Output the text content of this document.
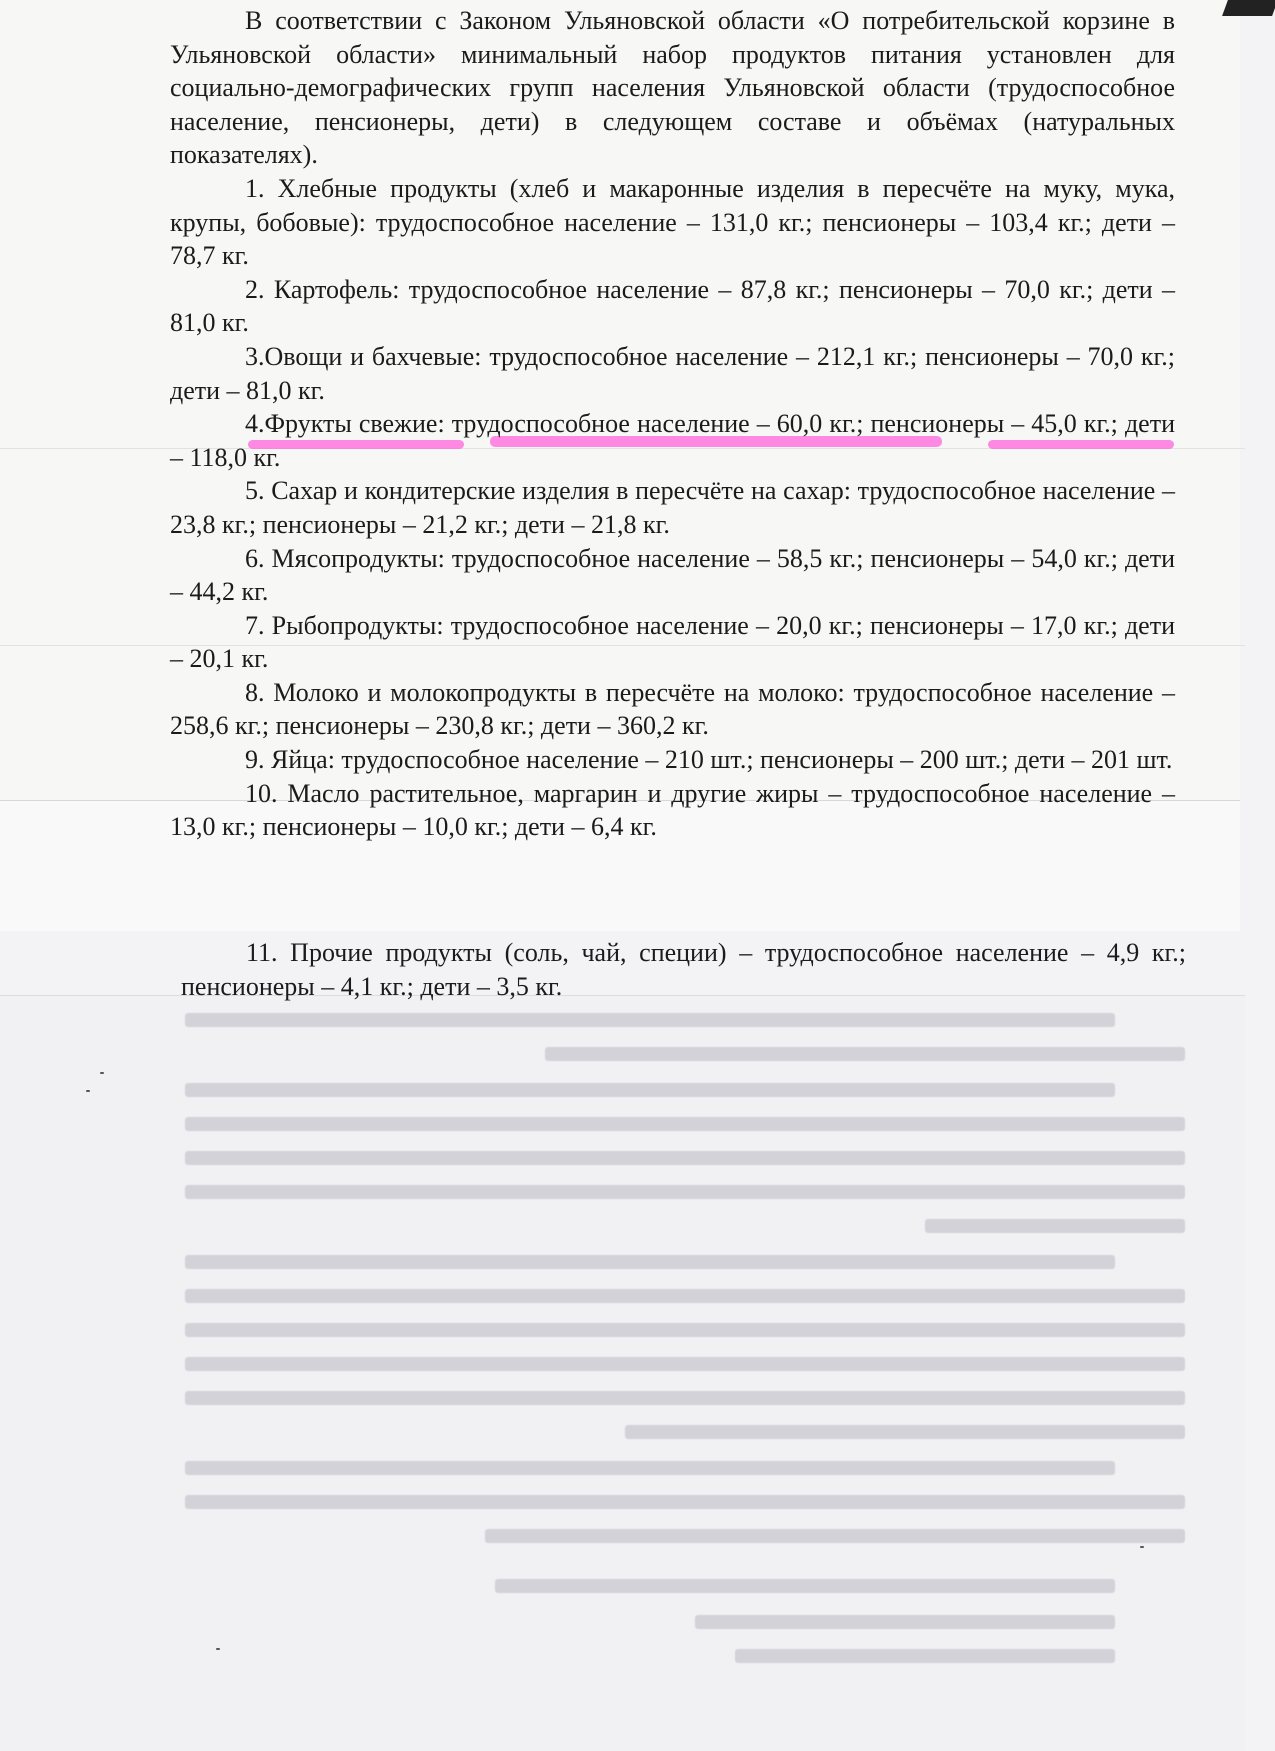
В соответствии с Законом Ульяновской области «О потребительской корзине в Ульяновской области» минимальный набор продуктов питания установлен для социально-демографических групп населения Ульяновской области (трудоспособное население, пенсионеры, дети) в следующем составе и объёмах (натуральных показателях).

1. Хлебные продукты (хлеб и макаронные изделия в пересчёте на муку, мука, крупы, бобовые): трудоспособное население – 131,0 кг.; пенсионеры – 103,4 кг.; дети – 78,7 кг.

2. Картофель: трудоспособное население – 87,8 кг.; пенсионеры – 70,0 кг.; дети – 81,0 кг.

3.Овощи и бахчевые: трудоспособное население – 212,1 кг.; пенсионеры – 70,0 кг.; дети – 81,0 кг.

4.Фрукты свежие: трудоспособное население – 60,0 кг.; пенсионеры – 45,0 кг.; дети – 118,0 кг.

5. Сахар и кондитерские изделия в пересчёте на сахар: трудоспособное население – 23,8 кг.; пенсионеры – 21,2 кг.; дети – 21,8 кг.

6. Мясопродукты: трудоспособное население – 58,5 кг.; пенсионеры – 54,0 кг.; дети – 44,2 кг.

7. Рыбопродукты: трудоспособное население – 20,0 кг.; пенсионеры – 17,0 кг.; дети – 20,1 кг.

8. Молоко и молокопродукты в пересчёте на молоко: трудоспособное население – 258,6 кг.; пенсионеры – 230,8 кг.; дети – 360,2 кг.

9. Яйца: трудоспособное население – 210 шт.; пенсионеры – 200 шт.; дети – 201 шт.

10. Масло растительное, маргарин и другие жиры – трудоспособное население – 13,0 кг.; пенсионеры – 10,0 кг.; дети – 6,4 кг.

11. Прочие продукты (соль, чай, специи) – трудоспособное население – 4,9 кг.; пенсионеры – 4,1 кг.; дети – 3,5 кг.
